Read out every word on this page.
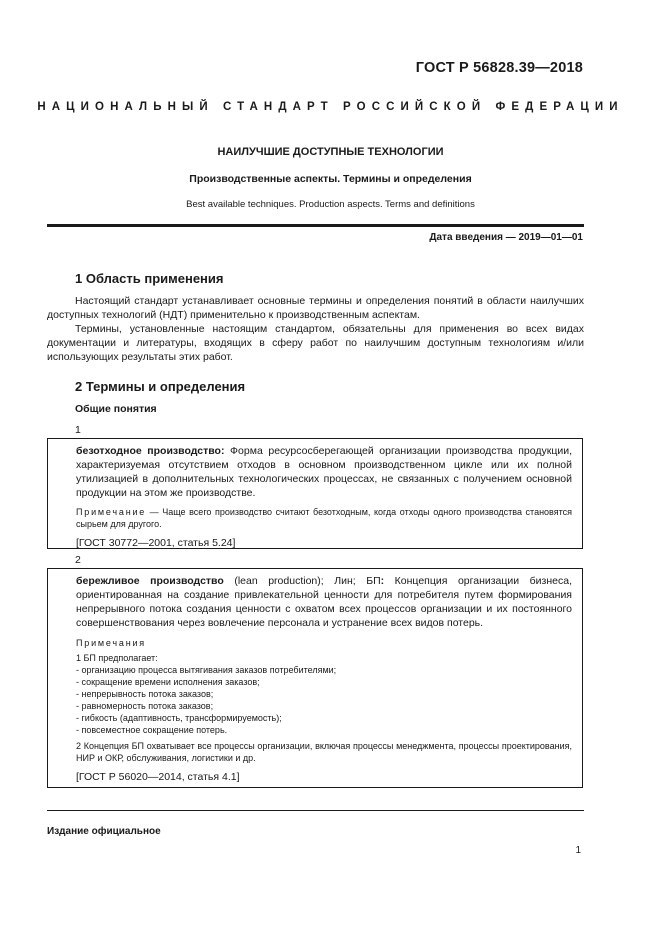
ГОСТ Р 56828.39—2018
НАЦИОНАЛЬНЫЙ СТАНДАРТ РОССИЙСКОЙ ФЕДЕРАЦИИ
НАИЛУЧШИЕ ДОСТУПНЫЕ ТЕХНОЛОГИИ
Производственные аспекты. Термины и определения
Best available techniques. Production aspects. Terms and definitions
Дата введения — 2019—01—01
1 Область применения

Настоящий стандарт устанавливает основные термины и определения понятий в области наилучших доступных технологий (НДТ) применительно к производственным аспектам.

Термины, установленные настоящим стандартом, обязательны для применения во всех видах документации и литературы, входящих в сферу работ по наилучшим доступным технологиям и/или использующих результаты этих работ.

2 Термины и определения
Общие понятия
1

безотходное производство: Форма ресурсосберегающей организации производства продукции, характеризуемая отсутствием отходов в основном производственном цикле или их полной утилизацией в дополнительных технологических процессах, не связанных с получением основной продукции на этом же производстве.

Примечание — Чаще всего производство считают безотходным, когда отходы одного производства становятся сырьем для другого.

[ГОСТ 30772—2001, статья 5.24]

2

бережливое производство (lean production); Лин; БП: Концепция организации бизнеса, ориентированная на создание привлекательной ценности для потребителя путем формирования непрерывного потока создания ценности с охватом всех процессов организации и их постоянного совершенствования через вовлечение персонала и устранение всех видов потерь.

Примечания

1 БП предполагает:

- организацию процесса вытягивания заказов потребителями;

- сокращение времени исполнения заказов;

- непрерывность потока заказов;

- равномерность потока заказов;

- гибкость (адаптивность, трансформируемость);

- повсеместное сокращение потерь.

2 Концепция БП охватывает все процессы организации, включая процессы менеджмента, процессы проектирования, НИР и ОКР, обслуживания, логистики и др.

[ГОСТ Р 56020—2014, статья 4.1]

Издание официальное
1
